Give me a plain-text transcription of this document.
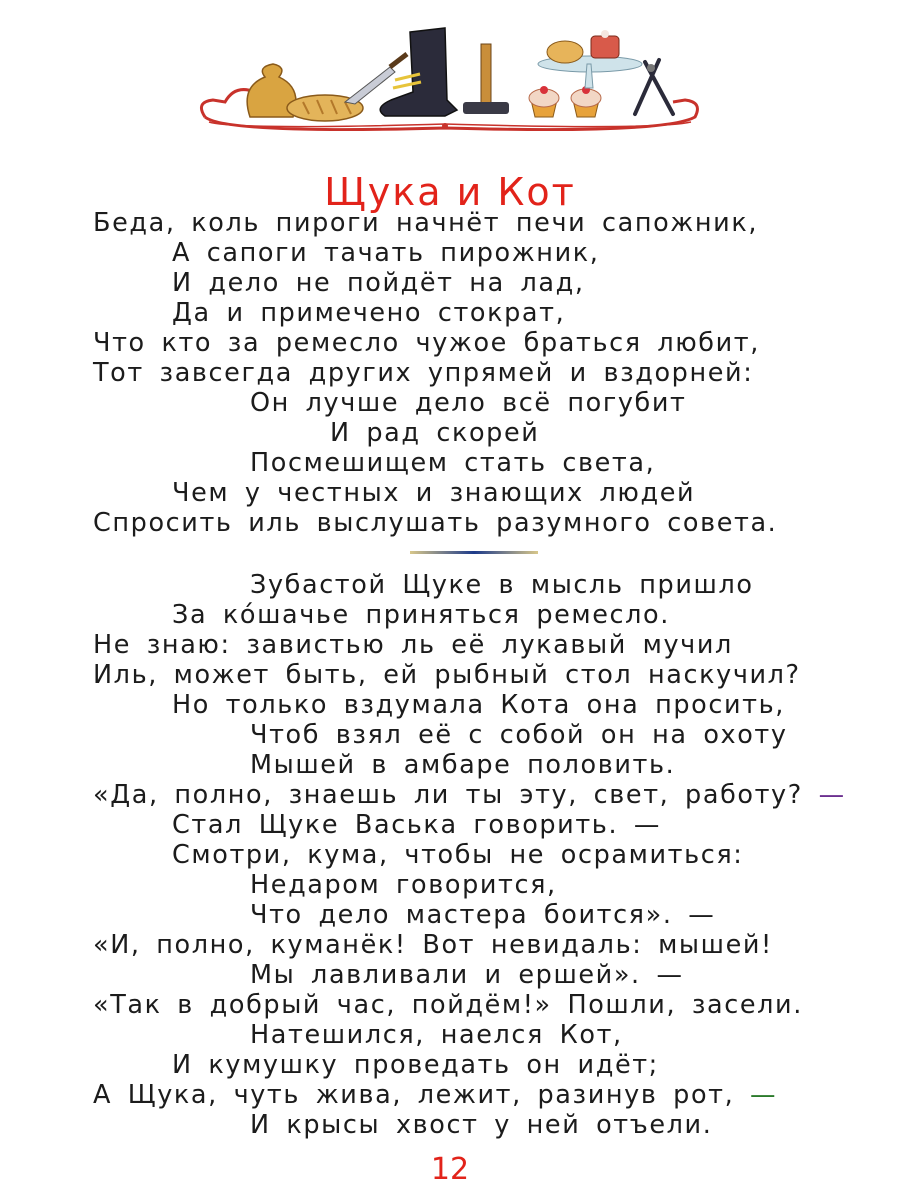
Щука и Кот
Беда, коль пироги начнёт печи сапожник,
А сапоги тачать пирожник,
И дело не пойдёт на лад,
Да и примечено стократ,
Что кто за ремесло чужое браться любит,
Тот завсегда других упрямей и вздорней:
Он лучше дело всё погубит
И рад скорей
Посмешищем стать света,
Чем у честных и знающих людей
Спросить иль выслушать разумного совета.
Зубастой Щуке в мысль пришло
За ко́шачье приняться ремесло.
Не знаю: завистью ль её лукавый мучил
Иль, может быть, ей рыбный стол наскучил?
Но только вздумала Кота она просить,
Чтоб взял её с собой он на охоту
Мышей в амбаре половить.
«Да, полно, знаешь ли ты эту, свет, работу? —
Стал Щуке Васька говорить. —
Смотри, кума, чтобы не осрамиться:
Недаром говорится,
Что дело мастера боится». —
«И, полно, куманёк! Вот невидаль: мышей!
Мы лавливали и ершей». —
«Так в добрый час, пойдём!» Пошли, засели.
Натешился, наелся Кот,
И кумушку проведать он идёт;
А Щука, чуть жива, лежит, разинув рот, —
И крысы хвост у ней отъели.
12
